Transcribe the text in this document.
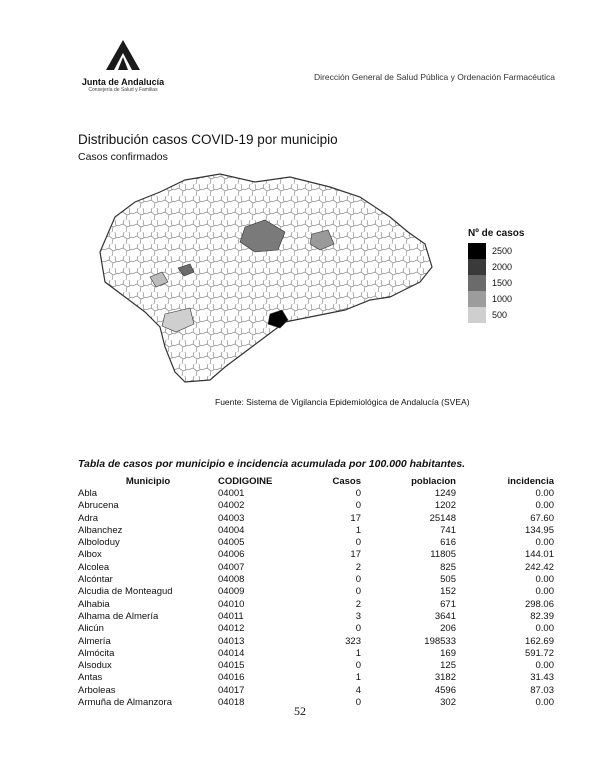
Junta de Andalucía
Consejería de Salud y Familias
Dirección General de Salud Pública y Ordenación Farmacéutica
Distribución casos COVID-19 por municipio
Casos confirmados
Nº de casos
2500
2000
1500
1000
500
Fuente: Sistema de Vigilancia Epidemiológica de Andalucía (SVEA)
Tabla de casos por municipio e incidencia acumulada por 100.000 habitantes.
Municipio	CODIGOINE	Casos	poblacion	incidencia
Abla	04001	0	1249	0.00
Abrucena	04002	0	1202	0.00
Adra	04003	17	25148	67.60
Albanchez	04004	1	741	134.95
Alboloduy	04005	0	616	0.00
Albox	04006	17	11805	144.01
Alcolea	04007	2	825	242.42
Alcóntar	04008	0	505	0.00
Alcudia de Monteagud	04009	0	152	0.00
Alhabia	04010	2	671	298.06
Alhama de Almería	04011	3	3641	82.39
Alicún	04012	0	206	0.00
Almería	04013	323	198533	162.69
Almócita	04014	1	169	591.72
Alsodux	04015	0	125	0.00
Antas	04016	1	3182	31.43
Arboleas	04017	4	4596	87.03
Armuña de Almanzora	04018	0	302	0.00
52
